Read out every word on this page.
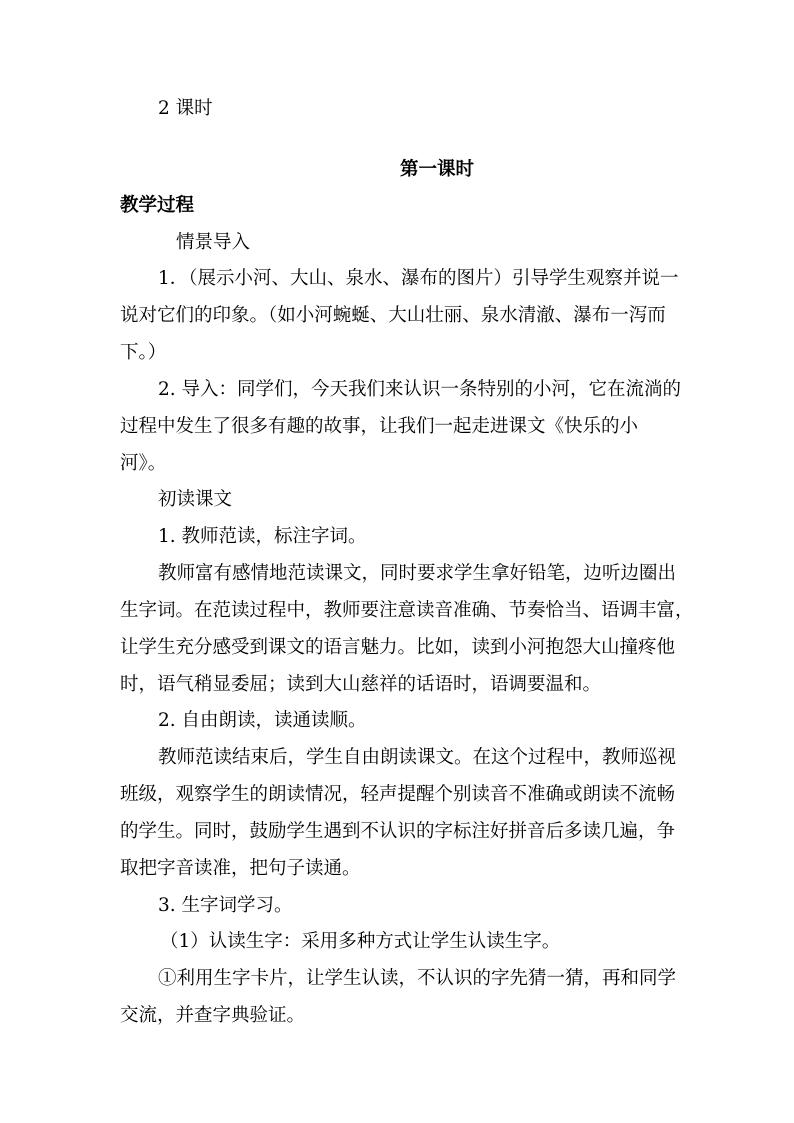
2 课时

第一课时

教学过程

情景导入

1．（展示小河、大山、泉水、瀑布的图片）引导学生观察并说一

说对它们的印象。（如小河蜿蜒、大山壮丽、泉水清澈、瀑布一泻而

下。）

2. 导入：同学们，今天我们来认识一条特别的小河，它在流淌的

过程中发生了很多有趣的故事，让我们一起走进课文《快乐的小

河》。

初读课文

1. 教师范读，标注字词。

教师富有感情地范读课文，同时要求学生拿好铅笔，边听边圈出

生字词。在范读过程中，教师要注意读音准确、节奏恰当、语调丰富，

让学生充分感受到课文的语言魅力。比如，读到小河抱怨大山撞疼他

时，语气稍显委屈；读到大山慈祥的话语时，语调要温和。

2. 自由朗读，读通读顺。

教师范读结束后，学生自由朗读课文。在这个过程中，教师巡视

班级，观察学生的朗读情况，轻声提醒个别读音不准确或朗读不流畅

的学生。同时，鼓励学生遇到不认识的字标注好拼音后多读几遍，争

取把字音读准，把句子读通。

3. 生字词学习。

（1）认读生字：采用多种方式让学生认读生字。

①利用生字卡片，让学生认读，不认识的字先猜一猜，再和同学

交流，并查字典验证。
